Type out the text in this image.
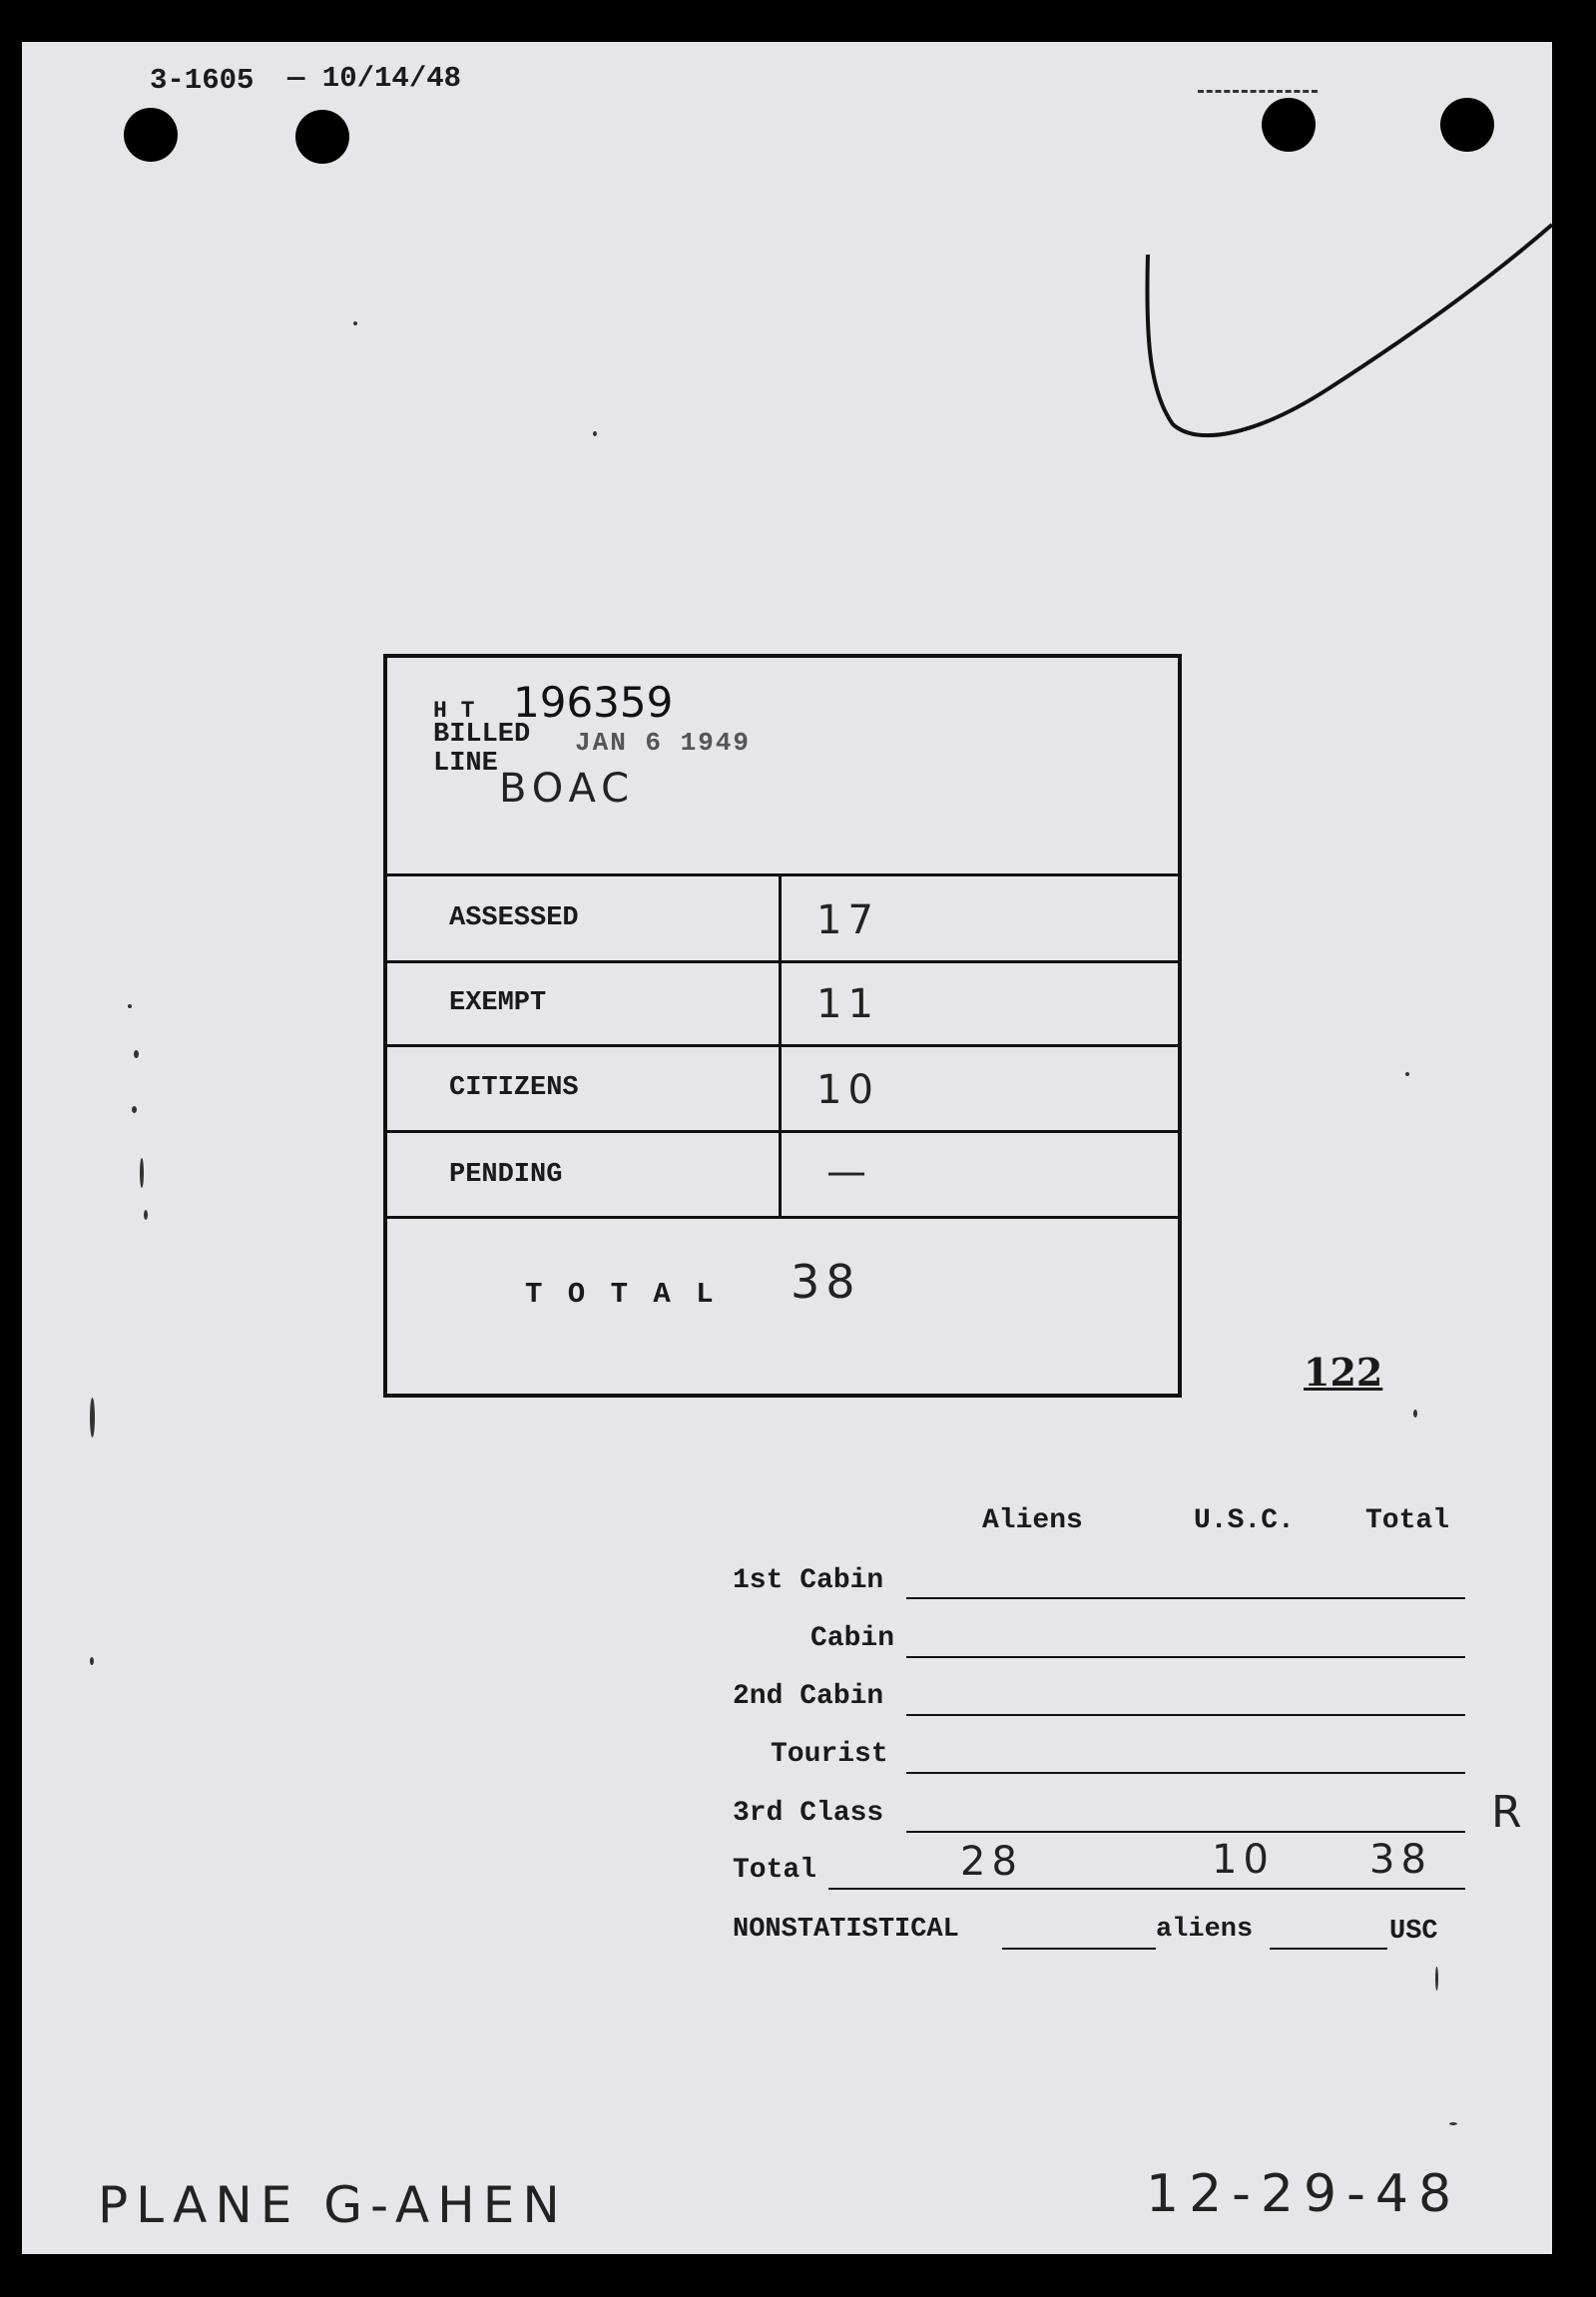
3-1605 — 10/14/48
H T 196359
BILLED JAN 6 1949
LINE
BOAC
ASSESSED	17
EXEMPT	11
CITIZENS	10
PENDING	—
T O T A L 38
122
Aliens	U.S.C.	Total
1st Cabin
Cabin
2nd Cabin
Tourist
3rd Class
Total	28	10 38
NONSTATISTICAL	aliens	USC
R
PLANE G-AHEN	12-29-48
